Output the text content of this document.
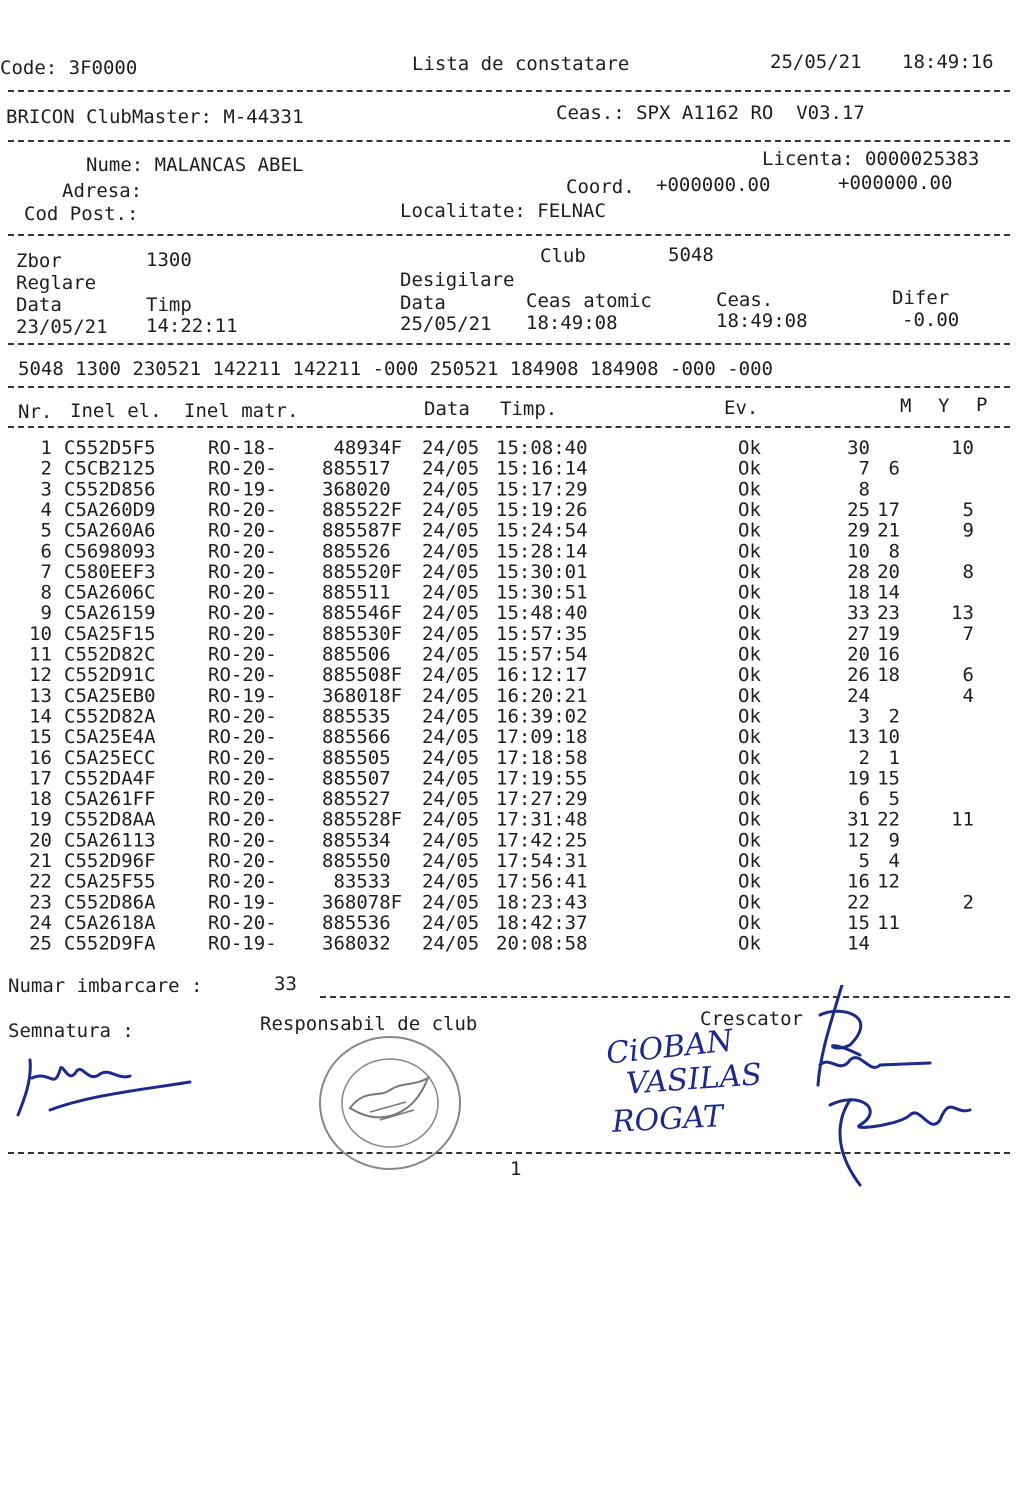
Code: 3F0000	Lista de constatare	25/05/21 18:49:16
BRICON ClubMaster: M-44331	Ceas.: SPX A1162 RO  V03.17
Nume: MALANCAS ABEL	Licenta: 0000025383
Adresa:	Coord. +000000.00	+000000.00
Cod Post.:	Localitate: FELNAC
Zbor	1300	Club	5048
Reglare	Desigilare
Data	Timp	Data	Ceas atomic	Ceas.	Difer
23/05/21 14:22:11	25/05/21 18:49:08	18:49:08	-0.00
5048 1300 230521 142211 142211 -000 250521 184908 184908 -000 -000
Nr. Inel el. Inel matr.	Data Timp.	Ev.	M Y P
1 C552D5F5	RO-18- 48934F 24/05 15:08:40	Ok	30	10
2 C5CB2125	RO-20- 885517 24/05 15:16:14	Ok	7 6
3 C552D856	RO-19- 368020 24/05 15:17:29	Ok	8
4 C5A260D9	RO-20- 885522F 24/05 15:19:26	Ok	25 17	5
5 C5A260A6	RO-20- 885587F 24/05 15:24:54	Ok	29 21	9
6 C5698093	RO-20- 885526 24/05 15:28:14	Ok	10 8
7 C580EEF3	RO-20- 885520F 24/05 15:30:01	Ok	28 20	8
8 C5A2606C	RO-20- 885511 24/05 15:30:51	Ok	18 14
9 C5A26159	RO-20- 885546F 24/05 15:48:40	Ok	33 23	13
10 C5A25F15	RO-20- 885530F 24/05 15:57:35	Ok	27 19	7
11 C552D82C	RO-20- 885506 24/05 15:57:54	Ok	20 16
12 C552D91C	RO-20- 885508F 24/05 16:12:17	Ok	26 18	6
13 C5A25EB0	RO-19- 368018F 24/05 16:20:21	Ok	24	4
14 C552D82A	RO-20- 885535 24/05 16:39:02	Ok	3 2
15 C5A25E4A	RO-20- 885566 24/05 17:09:18	Ok	13 10
16 C5A25ECC	RO-20- 885505 24/05 17:18:58	Ok	2 1
17 C552DA4F	RO-20- 885507 24/05 17:19:55	Ok	19 15
18 C5A261FF	RO-20- 885527 24/05 17:27:29	Ok	6 5
19 C552D8AA	RO-20- 885528F 24/05 17:31:48	Ok	31 22	11
20 C5A26113	RO-20- 885534 24/05 17:42:25	Ok	12 9
21 C552D96F	RO-20- 885550 24/05 17:54:31	Ok	5 4
22 C5A25F55	RO-20- 83533 24/05 17:56:41	Ok	16 12
23 C552D86A	RO-19- 368078F 24/05 18:23:43	Ok	22	2
24 C5A2618A	RO-20- 885536 24/05 18:42:37	Ok	15 11
25 C552D9FA	RO-19- 368032 24/05 20:08:58	Ok	14
Numar imbarcare :	33
Semnatura :	Responsabil de club	Crescator
CiOBAN
VASILAS
ROGAT
1
